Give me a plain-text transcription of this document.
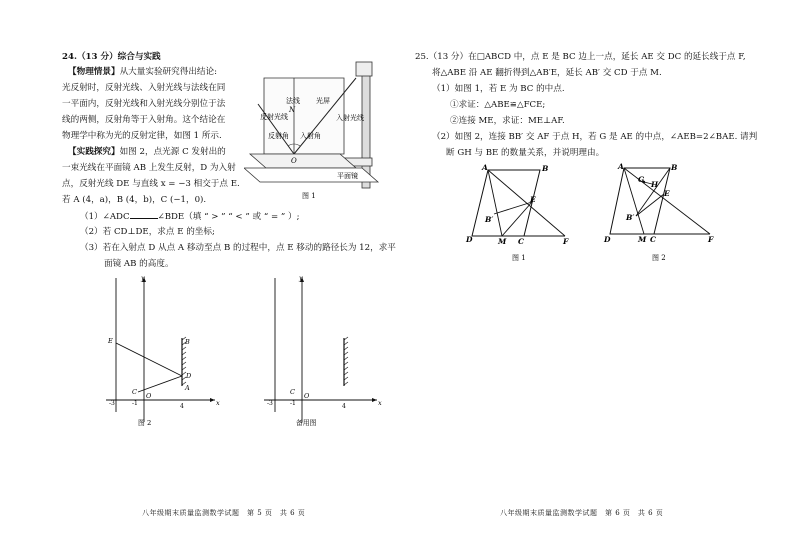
24.（13 分）综合与实践
【物理情景】从大量实验研究得出结论:
光反射时，反射光线、入射光线与法线在同
一平面内，反射光线和入射光线分别位于法
线的两侧，反射角等于入射角。这个结论在
物理学中称为光的反射定律，如图 1 所示.
【实践探究】如图 2，点光源 C 发射出的
一束光线在平面镜 AB 上发生反射，D 为入射
点，反射光线 DE 与直线 x = −3 相交于点 E.
若 A (4，a)，B (4，b)，C (−1，0).
（1）∠ADC	∠BDE（填 “ > ” “ < ” 或 “ = ” ）;
（2）若 CD⊥DE，求点 E 的坐标;
（3）若在入射点 D 从点 A 移动至点 B 的过程中，点 E 移动的路径长为 12，求平
面镜 AB 的高度。
法线
N
光屏
反射光线
反射角 入射角
入射光线
O
平面镜
图 1
x
y
E	B
D
A
C O
-3	-1	4
图 2
x
y
C O
-3	-1	4
备用图
八年级期末质量监测数学试题　第 5 页　共 6 页
25.（13 分）在□ABCD 中，点 E 是 BC 边上一点，延长 AE 交 DC 的延长线于点 F,
将△ABE 沿 AE 翻折得到△AB′E，延长 AB′ 交 CD 于点 M.
（1）如图 1，若 E 为 BC 的中点.
①求证：△ABE≌△FCE;
②连接 ME，求证：ME⊥AF.
（2）如图 2，连接 BB′ 交 AF 于点 H，若 G 是 AE 的中点，∠AEB=2∠BAE. 请判
断 GH 与 BE 的数量关系，并说明理由。
A	B
E
B′
D	M C	F
图 1
A	B
G
H
E
B′
D	M C	F
图 2
八年级期末质量监测数学试题　第 6 页　共 6 页
